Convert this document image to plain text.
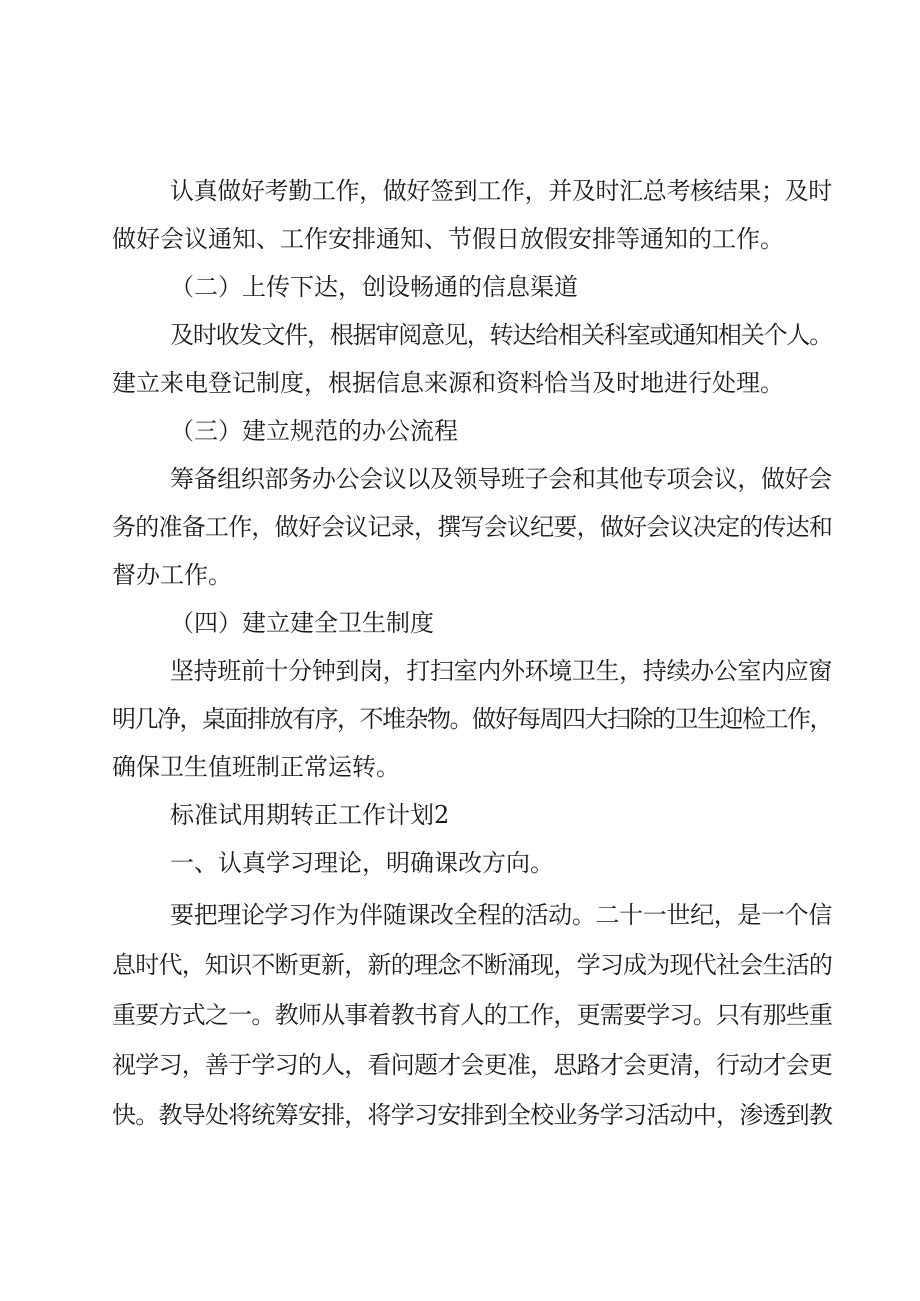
认真做好考勤工作，做好签到工作，并及时汇总考核结果；及时
做好会议通知、工作安排通知、节假日放假安排等通知的工作。
（二）上传下达，创设畅通的信息渠道
及时收发文件，根据审阅意见，转达给相关科室或通知相关个人。
建立来电登记制度，根据信息来源和资料恰当及时地进行处理。
（三）建立规范的办公流程
筹备组织部务办公会议以及领导班子会和其他专项会议，做好会
务的准备工作，做好会议记录，撰写会议纪要，做好会议决定的传达和
督办工作。
（四）建立建全卫生制度
坚持班前十分钟到岗，打扫室内外环境卫生，持续办公室内应窗
明几净，桌面排放有序，不堆杂物。做好每周四大扫除的卫生迎检工作，
确保卫生值班制正常运转。
标准试用期转正工作计划2
一、认真学习理论，明确课改方向。
要把理论学习作为伴随课改全程的活动。二十一世纪，是一个信
息时代，知识不断更新，新的理念不断涌现，学习成为现代社会生活的
重要方式之一。教师从事着教书育人的工作，更需要学习。只有那些重
视学习，善于学习的人，看问题才会更准，思路才会更清，行动才会更
快。教导处将统筹安排，将学习安排到全校业务学习活动中，渗透到教
